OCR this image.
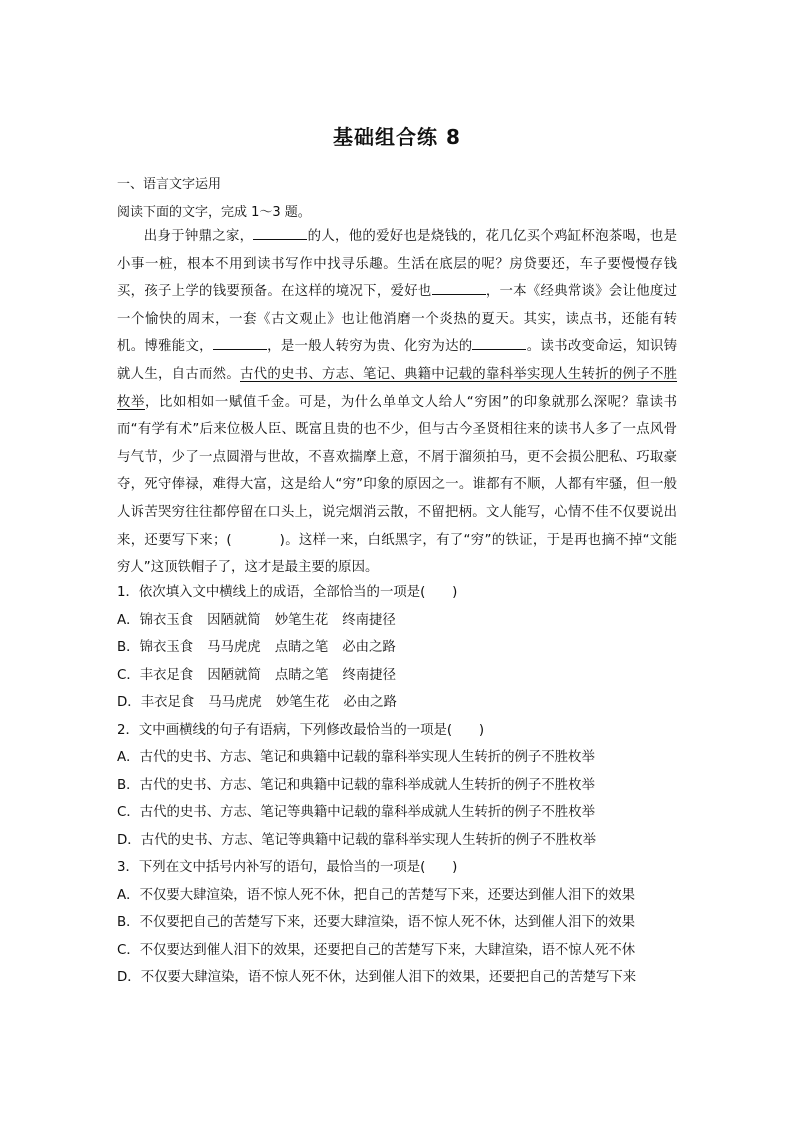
基础组合练 8
一、语言文字运用
阅读下面的文字，完成 1～3 题。
出身于钟鼎之家，	的人，他的爱好也是烧钱的，花几亿买个鸡缸杯泡茶喝，也是小事一桩，根本不用到读书写作中找寻乐趣。生活在底层的呢？房贷要还，车子要慢慢存钱买，孩子上学的钱要预备。在这样的境况下，爱好也	，一本《经典常谈》会让他度过一个愉快的周末，一套《古文观止》也让他消磨一个炎热的夏天。其实，读点书，还能有转机。博雅能文，	，是一般人转穷为贵、化穷为达的	。读书改变命运，知识铸就人生，自古而然。古代的史书、方志、笔记、典籍中记载的靠科举实现人生转折的例子不胜枚举，比如相如一赋值千金。可是，为什么单单文人给人“穷困”的印象就那么深呢？靠读书而“有学有术”后来位极人臣、既富且贵的也不少，但与古今圣贤相往来的读书人多了一点风骨与气节，少了一点圆滑与世故，不喜欢揣摩上意，不屑于溜须拍马，更不会损公肥私、巧取豪夺，死守俸禄，难得大富，这是给人“穷”印象的原因之一。谁都有不顺，人都有牢骚，但一般人诉苦哭穷往往都停留在口头上，说完烟消云散，不留把柄。文人能写，心情不佳不仅要说出来，还要写下来；(	)。这样一来，白纸黑字，有了“穷”的铁证，于是再也摘不掉“文能穷人”这顶铁帽子了，这才是最主要的原因。
1．依次填入文中横线上的成语，全部恰当的一项是(　　)
A．锦衣玉食 因陋就简 妙笔生花 终南捷径
B．锦衣玉食 马马虎虎 点睛之笔 必由之路
C．丰衣足食 因陋就简 点睛之笔 终南捷径
D．丰衣足食 马马虎虎 妙笔生花 必由之路
2．文中画横线的句子有语病，下列修改最恰当的一项是(　　)
A．古代的史书、方志、笔记和典籍中记载的靠科举实现人生转折的例子不胜枚举
B．古代的史书、方志、笔记和典籍中记载的靠科举成就人生转折的例子不胜枚举
C．古代的史书、方志、笔记等典籍中记载的靠科举成就人生转折的例子不胜枚举
D．古代的史书、方志、笔记等典籍中记载的靠科举实现人生转折的例子不胜枚举
3．下列在文中括号内补写的语句，最恰当的一项是(　　)
A．不仅要大肆渲染，语不惊人死不休，把自己的苦楚写下来，还要达到催人泪下的效果
B．不仅要把自己的苦楚写下来，还要大肆渲染，语不惊人死不休，达到催人泪下的效果
C．不仅要达到催人泪下的效果，还要把自己的苦楚写下来，大肆渲染，语不惊人死不休
D．不仅要大肆渲染，语不惊人死不休，达到催人泪下的效果，还要把自己的苦楚写下来
